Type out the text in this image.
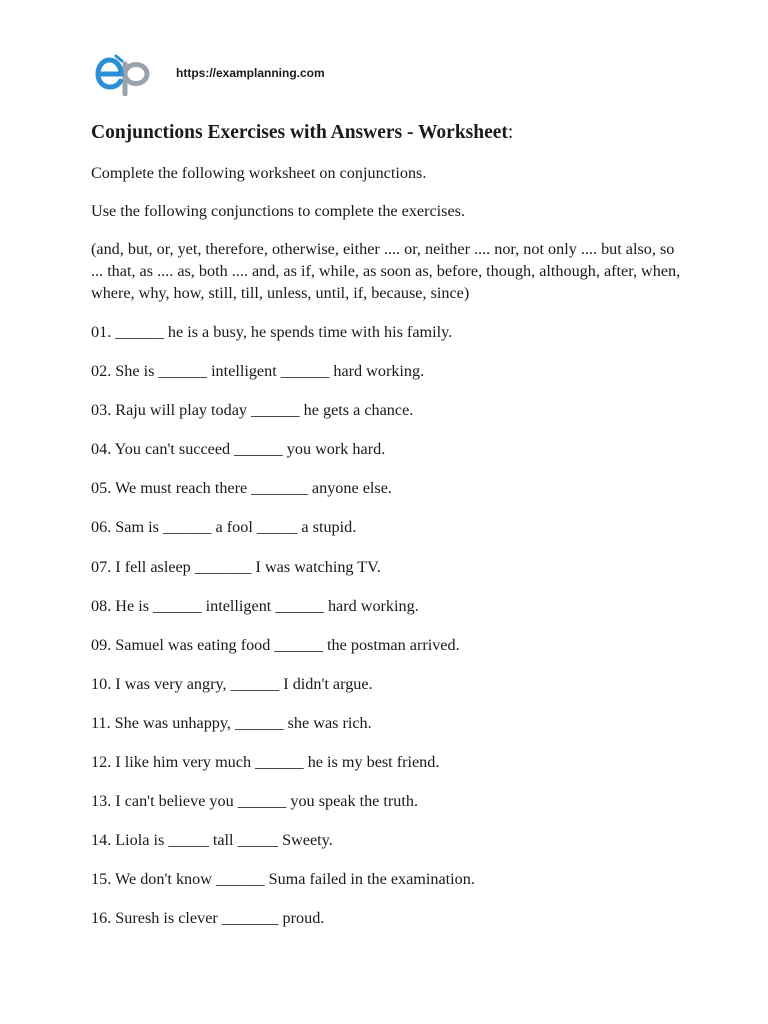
https://examplanning.com
Conjunctions Exercises with Answers - Worksheet:

Complete the following worksheet on conjunctions.

Use the following conjunctions to complete the exercises.

(and, but, or, yet, therefore, otherwise, either .... or, neither .... nor, not only .... but also, so ... that, as .... as, both .... and, as if, while, as soon as, before, though, although, after, when, where, why, how, still, till, unless, until, if, because, since)

01. ______ he is a busy, he spends time with his family.
02. She is ______ intelligent ______ hard working.
03. Raju will play today ______ he gets a chance.
04. You can't succeed ______ you work hard.
05. We must reach there _______ anyone else.
06. Sam is ______ a fool _____ a stupid.
07. I fell asleep _______ I was watching TV.
08. He is ______ intelligent ______ hard working.
09. Samuel was eating food ______ the postman arrived.
10. I was very angry, ______ I didn't argue.
11. She was unhappy, ______ she was rich.
12. I like him very much ______ he is my best friend.
13. I can't believe you ______ you speak the truth.
14. Liola is _____ tall _____ Sweety.
15. We don't know ______ Suma failed in the examination.
16. Suresh is clever _______ proud.
